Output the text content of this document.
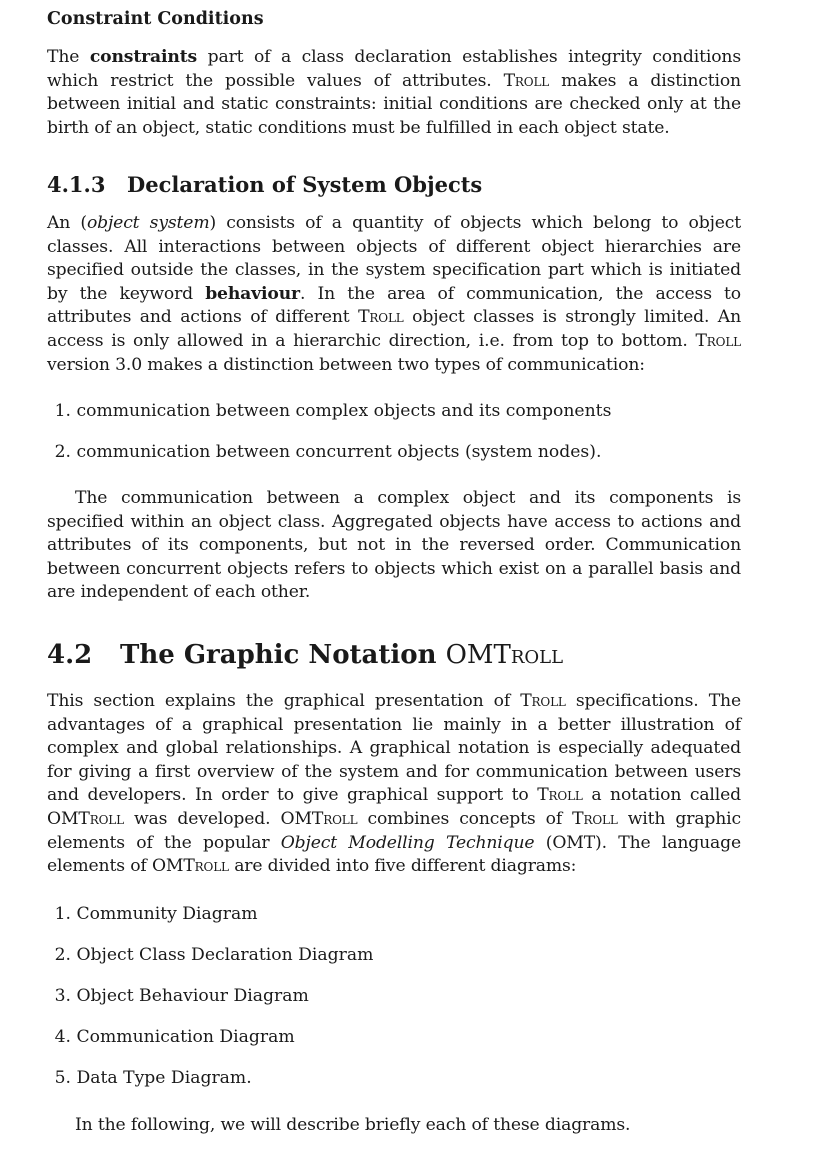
Constraint Conditions

The constraints part of a class declaration establishes integrity conditions which restrict the possible values of attributes. Troll makes a distinction between initial and static constraints: initial conditions are checked only at the birth of an object, static conditions must be fulfilled in each object state.

4.1.3 Declaration of System Objects

An (object system) consists of a quantity of objects which belong to object classes. All interactions between objects of different object hierarchies are specified outside the classes, in the system specification part which is initiated by the keyword behaviour. In the area of communication, the access to attributes and actions of different Troll object classes is strongly limited. An access is only allowed in a hierarchic direction, i.e. from top to bottom. Troll version 3.0 makes a distinction between two types of communication:

1. communication between complex objects and its components
2. communication between concurrent objects (system nodes).

The communication between a complex object and its components is specified within an object class. Aggregated objects have access to actions and attributes of its components, but not in the reversed order. Communication between concurrent objects refers to objects which exist on a parallel basis and are independent of each other.

4.2 The Graphic Notation OMTroll

This section explains the graphical presentation of Troll specifications. The advantages of a graphical presentation lie mainly in a better illustration of complex and global relationships. A graphical notation is especially adequated for giving a first overview of the system and for communication between users and developers. In order to give graphical support to Troll a notation called OMTroll was developed. OMTroll combines concepts of Troll with graphic elements of the popular Object Modelling Technique (OMT). The language elements of OMTroll are divided into five different diagrams:

1. Community Diagram
2. Object Class Declaration Diagram
3. Object Behaviour Diagram
4. Communication Diagram
5. Data Type Diagram.

In the following, we will describe briefly each of these diagrams.
